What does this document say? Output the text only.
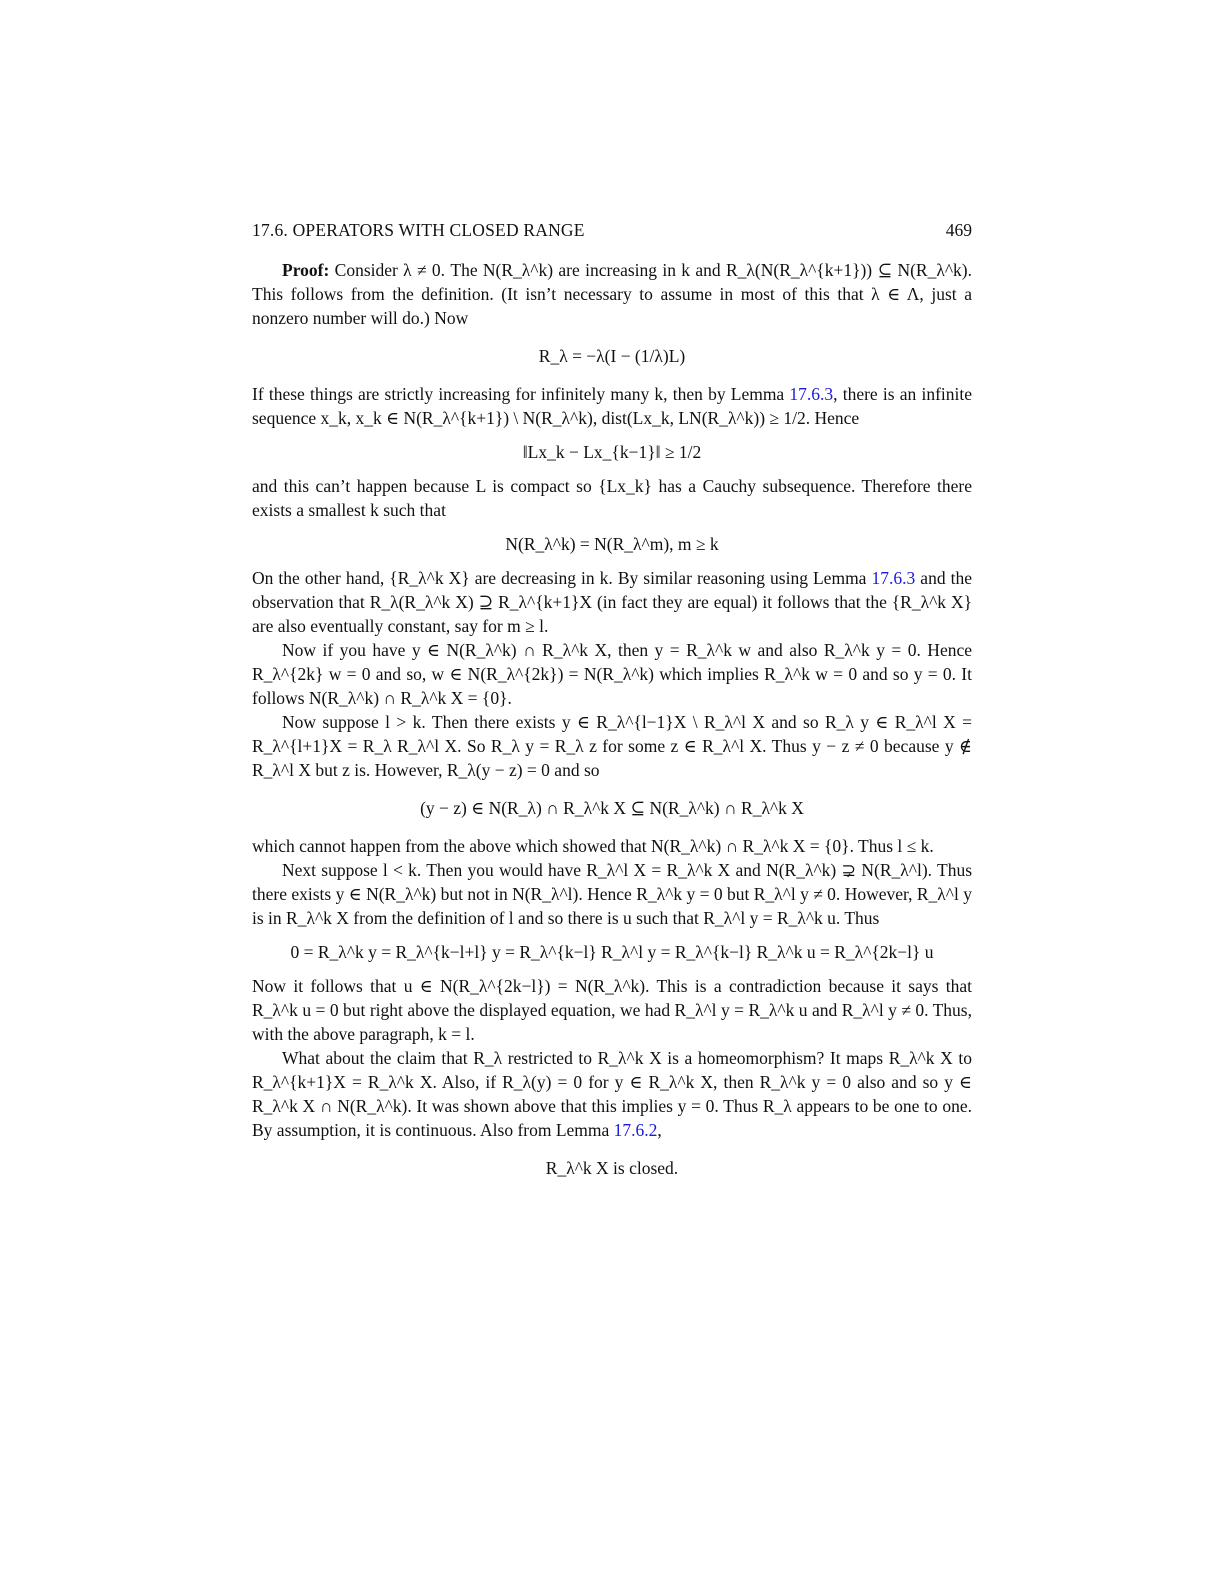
17.6. OPERATORS WITH CLOSED RANGE	469

Proof: Consider λ ≠ 0. The N(R_λ^k) are increasing in k and R_λ(N(R_λ^{k+1})) ⊆ N(R_λ^k). This follows from the definition. (It isn’t necessary to assume in most of this that λ ∈ Λ, just a nonzero number will do.) Now

R_λ = −λ(I − (1/λ)L)

If these things are strictly increasing for infinitely many k, then by Lemma 17.6.3, there is an infinite sequence x_k, x_k ∈ N(R_λ^{k+1}) \ N(R_λ^k), dist(Lx_k, LN(R_λ^k)) ≥ 1/2. Hence

‖Lx_k − Lx_{k−1}‖ ≥ 1/2

and this can’t happen because L is compact so {Lx_k} has a Cauchy subsequence. Therefore there exists a smallest k such that

N(R_λ^k) = N(R_λ^m), m ≥ k

On the other hand, {R_λ^k X} are decreasing in k. By similar reasoning using Lemma 17.6.3 and the observation that R_λ(R_λ^k X) ⊇ R_λ^{k+1}X (in fact they are equal) it follows that the {R_λ^k X} are also eventually constant, say for m ≥ l.

Now if you have y ∈ N(R_λ^k) ∩ R_λ^k X, then y = R_λ^k w and also R_λ^k y = 0. Hence R_λ^{2k} w = 0 and so, w ∈ N(R_λ^{2k}) = N(R_λ^k) which implies R_λ^k w = 0 and so y = 0. It follows N(R_λ^k) ∩ R_λ^k X = {0}.

Now suppose l > k. Then there exists y ∈ R_λ^{l−1}X \ R_λ^l X and so R_λ y ∈ R_λ^l X = R_λ^{l+1}X = R_λ R_λ^l X. So R_λ y = R_λ z for some z ∈ R_λ^l X. Thus y − z ≠ 0 because y ∉ R_λ^l X but z is. However, R_λ(y − z) = 0 and so

(y − z) ∈ N(R_λ) ∩ R_λ^k X ⊆ N(R_λ^k) ∩ R_λ^k X

which cannot happen from the above which showed that N(R_λ^k) ∩ R_λ^k X = {0}. Thus l ≤ k.

Next suppose l < k. Then you would have R_λ^l X = R_λ^k X and N(R_λ^k) ⊋ N(R_λ^l). Thus there exists y ∈ N(R_λ^k) but not in N(R_λ^l). Hence R_λ^k y = 0 but R_λ^l y ≠ 0. However, R_λ^l y is in R_λ^k X from the definition of l and so there is u such that R_λ^l y = R_λ^k u. Thus

0 = R_λ^k y = R_λ^{k−l+l} y = R_λ^{k−l} R_λ^l y = R_λ^{k−l} R_λ^k u = R_λ^{2k−l} u

Now it follows that u ∈ N(R_λ^{2k−l}) = N(R_λ^k). This is a contradiction because it says that R_λ^k u = 0 but right above the displayed equation, we had R_λ^l y = R_λ^k u and R_λ^l y ≠ 0. Thus, with the above paragraph, k = l.

What about the claim that R_λ restricted to R_λ^k X is a homeomorphism? It maps R_λ^k X to R_λ^{k+1}X = R_λ^k X. Also, if R_λ(y) = 0 for y ∈ R_λ^k X, then R_λ^k y = 0 also and so y ∈ R_λ^k X ∩ N(R_λ^k). It was shown above that this implies y = 0. Thus R_λ appears to be one to one. By assumption, it is continuous. Also from Lemma 17.6.2,

R_λ^k X is closed.
